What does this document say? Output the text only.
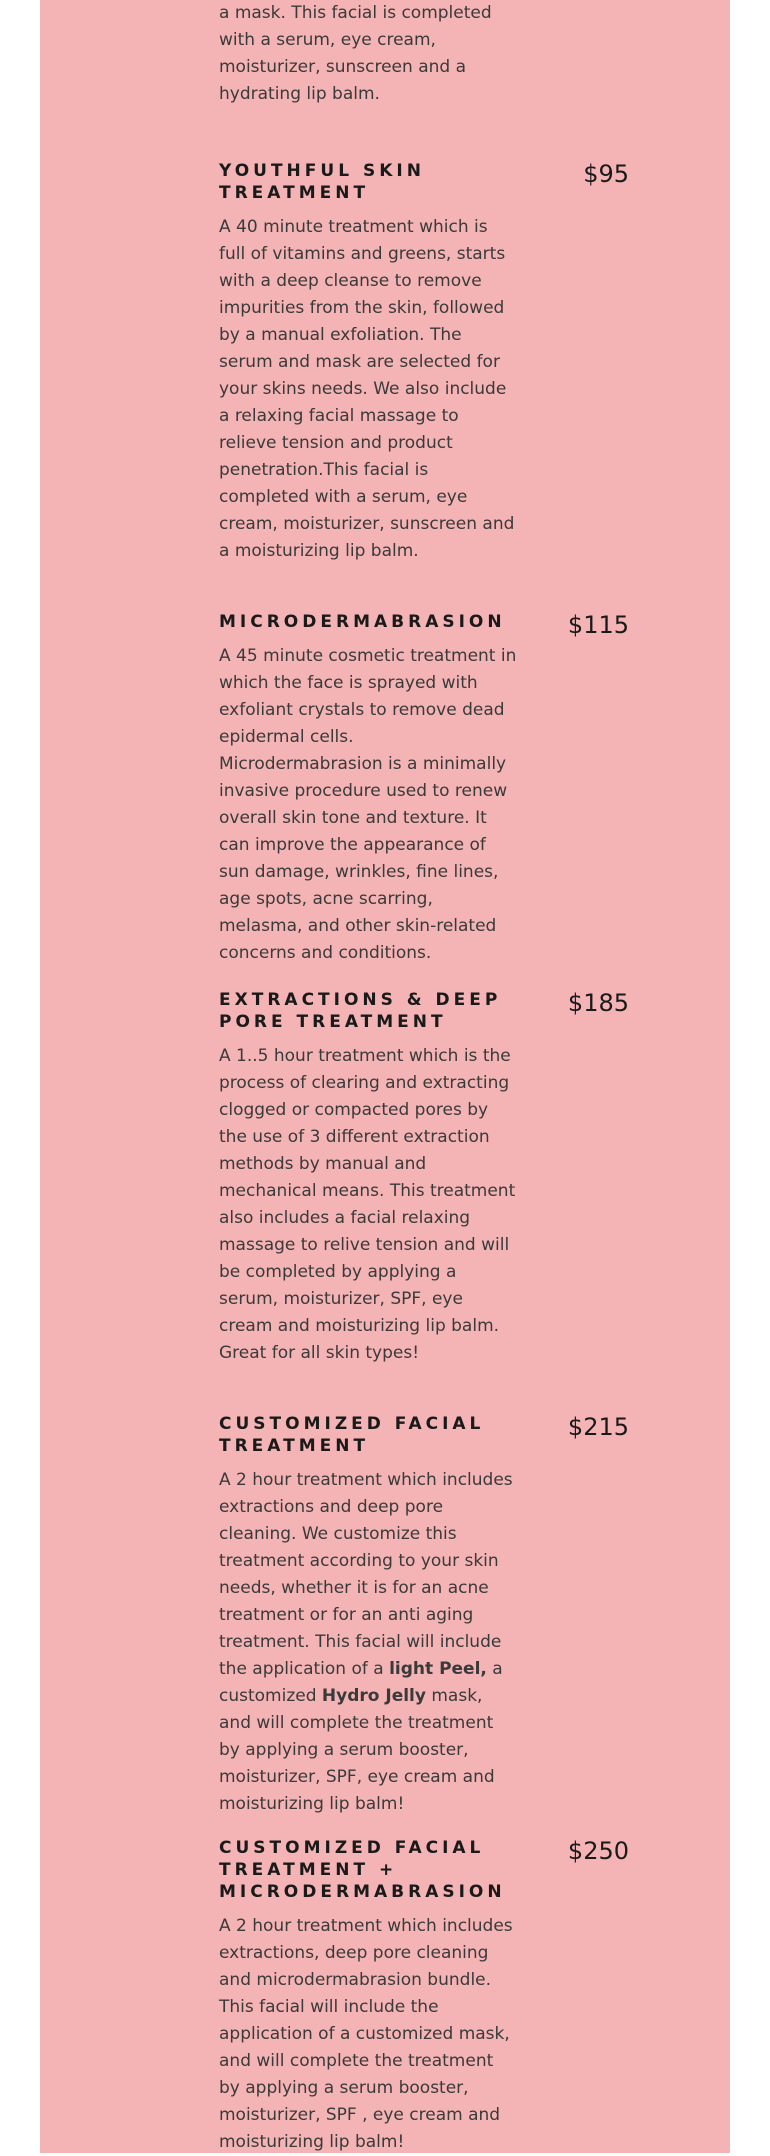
a mask. This facial is completed with a serum, eye cream, moisturizer, sunscreen and a hydrating lip balm.

YOUTHFUL SKIN TREATMENT
$95

A 40 minute treatment which is full of vitamins and greens, starts with a deep cleanse to remove impurities from the skin, followed by a manual exfoliation. The serum and mask are selected for your skins needs. We also include a relaxing facial massage to relieve tension and product penetration.This facial is completed with a serum, eye cream, moisturizer, sunscreen and a moisturizing lip balm.

MICRODERMABRASION	$115

A 45 minute cosmetic treatment in which the face is sprayed with exfoliant crystals to remove dead epidermal cells. Microdermabrasion is a minimally invasive procedure used to renew overall skin tone and texture. It can improve the appearance of sun damage, wrinkles, fine lines, age spots, acne scarring, melasma, and other skin-related concerns and conditions.

EXTRACTIONS & DEEP PORE TREATMENT
$185

A 1..5 hour treatment which is the process of clearing and extracting clogged or compacted pores by the use of 3 different extraction methods by manual and mechanical means. This treatment also includes a facial relaxing massage to relive tension and will be completed by applying a serum, moisturizer, SPF, eye cream and moisturizing lip balm. Great for all skin types!

CUSTOMIZED FACIAL TREATMENT
$215

A 2 hour treatment which includes extractions and deep pore cleaning. We customize this treatment according to your skin needs, whether it is for an acne treatment or for an anti aging treatment. This facial will include the application of a light Peel, a customized Hydro Jelly mask, and will complete the treatment by applying a serum booster, moisturizer, SPF, eye cream and moisturizing lip balm!

CUSTOMIZED FACIAL TREATMENT + MICRODERMABRASION
$250

A 2 hour treatment which includes extractions, deep pore cleaning and microdermabrasion bundle. This facial will include the application of a customized mask, and will complete the treatment by applying a serum booster, moisturizer, SPF , eye cream and moisturizing lip balm!
